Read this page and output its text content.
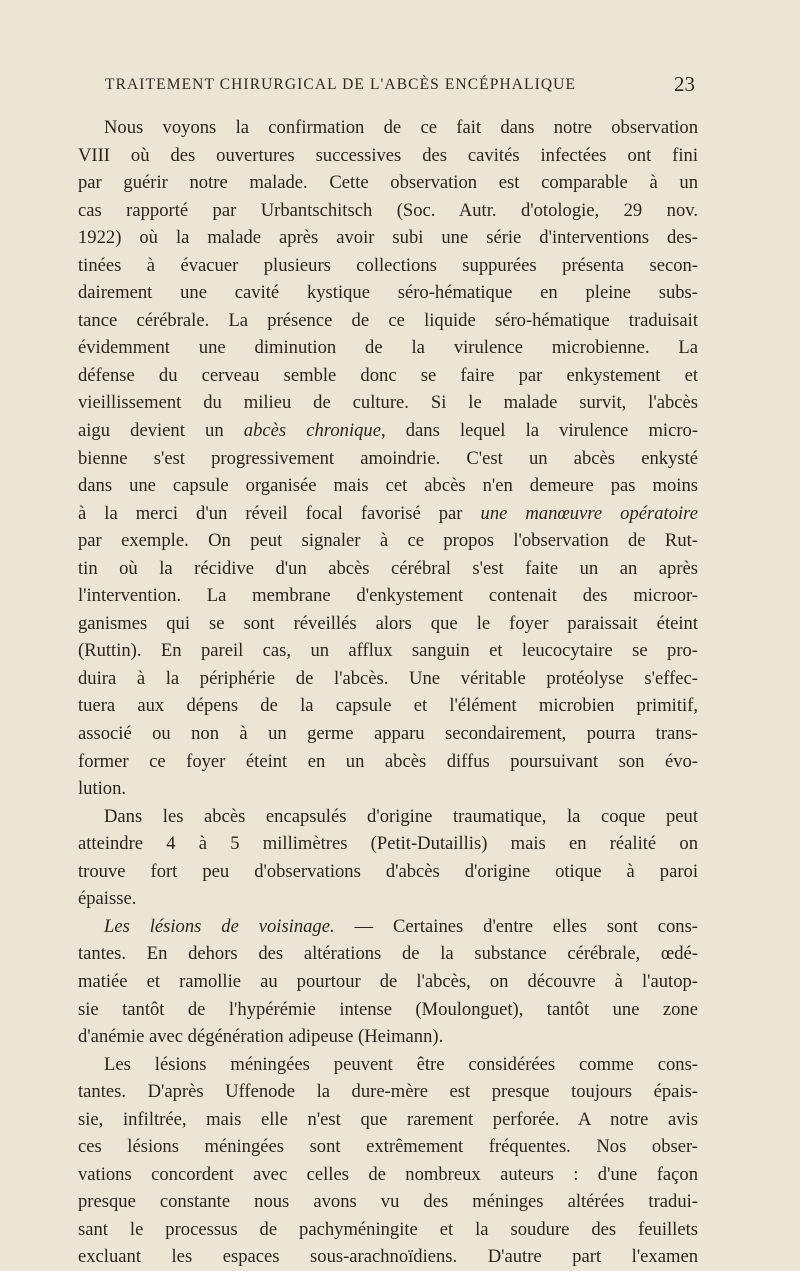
TRAITEMENT CHIRURGICAL DE L'ABCÈS ENCÉPHALIQUE	23
Nous voyons la confirmation de ce fait dans notre observation
VIII où des ouvertures successives des cavités infectées ont fini
par guérir notre malade. Cette observation est comparable à un
cas rapporté par Urbantschitsch (Soc. Autr. d'otologie, 29 nov.
1922) où la malade après avoir subi une série d'interventions des-
tinées à évacuer plusieurs collections suppurées présenta secon-
dairement une cavité kystique séro-hématique en pleine subs-
tance cérébrale. La présence de ce liquide séro-hématique traduisait
évidemment une diminution de la virulence microbienne. La
défense du cerveau semble donc se faire par enkystement et
vieillissement du milieu de culture. Si le malade survit, l'abcès
aigu devient un abcès chronique, dans lequel la virulence micro-
bienne s'est progressivement amoindrie. C'est un abcès enkysté
dans une capsule organisée mais cet abcès n'en demeure pas moins
à la merci d'un réveil focal favorisé par une manœuvre opératoire
par exemple. On peut signaler à ce propos l'observation de Rut-
tin où la récidive d'un abcès cérébral s'est faite un an après
l'intervention. La membrane d'enkystement contenait des microor-
ganismes qui se sont réveillés alors que le foyer paraissait éteint
(Ruttin). En pareil cas, un afflux sanguin et leucocytaire se pro-
duira à la périphérie de l'abcès. Une véritable protéolyse s'effec-
tuera aux dépens de la capsule et l'élément microbien primitif,
associé ou non à un germe apparu secondairement, pourra trans-
former ce foyer éteint en un abcès diffus poursuivant son évo-
lution.
Dans les abcès encapsulés d'origine traumatique, la coque peut
atteindre 4 à 5 millimètres (Petit-Dutaillis) mais en réalité on
trouve fort peu d'observations d'abcès d'origine otique à paroi
épaisse.
Les lésions de voisinage. — Certaines d'entre elles sont cons-
tantes. En dehors des altérations de la substance cérébrale, œdé-
matiée et ramollie au pourtour de l'abcès, on découvre à l'autop-
sie tantôt de l'hypérémie intense (Moulonguet), tantôt une zone
d'anémie avec dégénération adipeuse (Heimann).
Les lésions méningées peuvent être considérées comme cons-
tantes. D'après Uffenode la dure-mère est presque toujours épais-
sie, infiltrée, mais elle n'est que rarement perforée. A notre avis
ces lésions méningées sont extrêmement fréquentes. Nos obser-
vations concordent avec celles de nombreux auteurs : d'une façon
presque constante nous avons vu des méninges altérées tradui-
sant le processus de pachyméningite et la soudure des feuillets
excluant les espaces sous-arachnoïdiens. D'autre part l'examen
